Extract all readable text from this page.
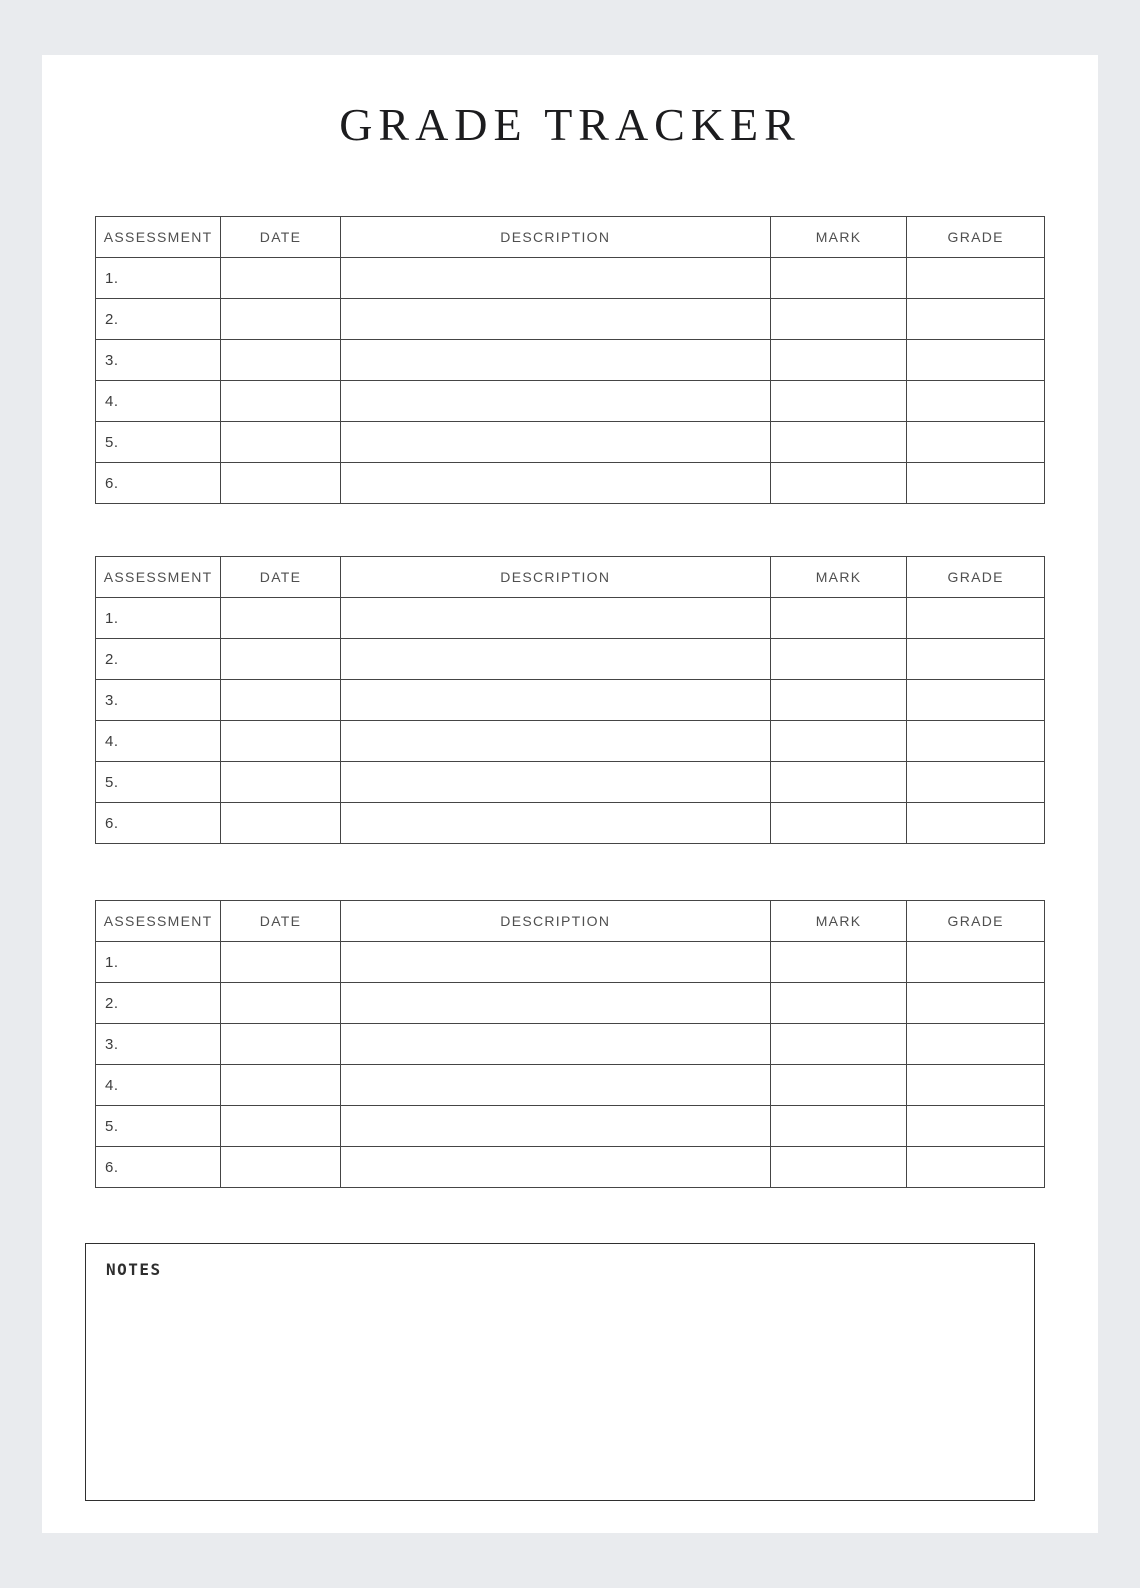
GRADE TRACKER
ASSESSMENT	DATE	DESCRIPTION	MARK	GRADE
1.				
2.				
3.				
4.				
5.				
6.				
ASSESSMENT	DATE	DESCRIPTION	MARK	GRADE
1.				
2.				
3.				
4.				
5.				
6.				
ASSESSMENT	DATE	DESCRIPTION	MARK	GRADE
1.				
2.				
3.				
4.				
5.				
6.				
NOTES
